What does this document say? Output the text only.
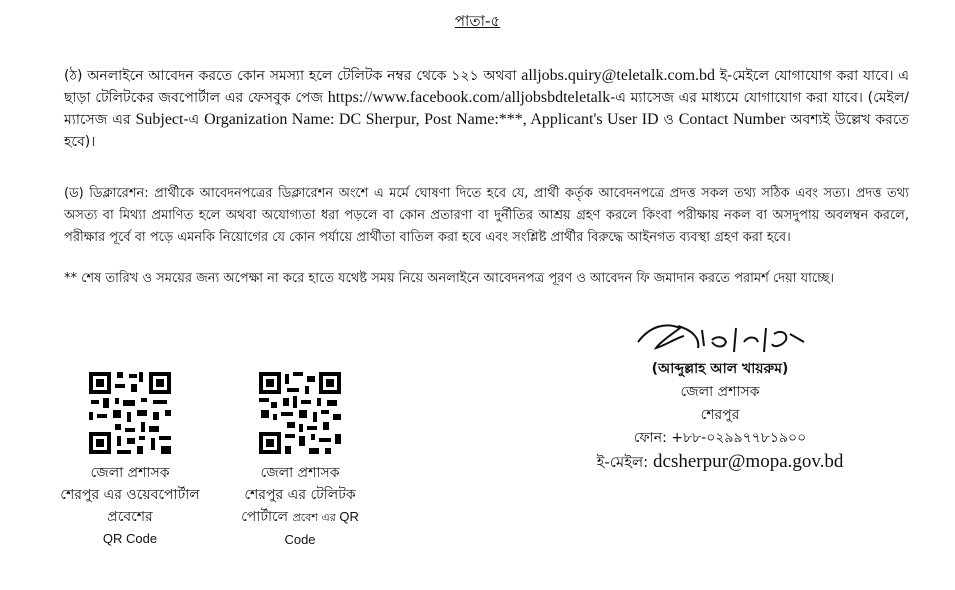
পাতা-৫

(ঠ) অনলাইনে আবেদন করতে কোন সমস্যা হলে টেলিটক নম্বর থেকে ১২১ অথবা alljobs.quiry@teletalk.com.bd ই-মেইলে যোগাযোগ করা যাবে। এ ছাড়া টেলিটকের জবপোর্টাল এর ফেসবুক পেজ https://www.facebook.com/alljobsbdteletalk-এ ম্যাসেজ এর মাধ্যমে যোগাযোগ করা যাবে। (মেইল/ম্যাসেজ এর Subject-এ Organization Name: DC Sherpur, Post Name:***, Applicant's User ID ও Contact Number অবশ্যই উল্লেখ করতে হবে)।

(ড) ডিক্লারেশন: প্রার্থীকে আবেদনপত্রের ডিক্লারেশন অংশে এ মর্মে ঘোষণা দিতে হবে যে, প্রার্থী কর্তৃক আবেদনপত্রে প্রদত্ত সকল তথ্য সঠিক এবং সত্য। প্রদত্ত তথ্য অসত্য বা মিথ্যা প্রমাণিত হলে অথবা অযোগ্যতা ধরা পড়লে বা কোন প্রতারণা বা দুর্নীতির আশ্রয় গ্রহণ করলে কিংবা পরীক্ষায় নকল বা অসদুপায় অবলম্বন করলে, পরীক্ষার পূর্বে বা পড়ে এমনকি নিয়োগের যে কোন পর্যায়ে প্রার্থীতা বাতিল করা হবে এবং সংশ্লিষ্ট প্রার্থীর বিরুদ্ধে আইনগত ব্যবস্থা গ্রহণ করা হবে।

** শেষ তারিখ ও সময়ের জন্য অপেক্ষা না করে হাতে যথেষ্ট সময় নিয়ে অনলাইনে আবেদনপত্র পূরণ ও আবেদন ফি জমাদান করতে পরামর্শ দেয়া যাচ্ছে।

(আব্দুল্লাহ আল খায়রুম)
জেলা প্রশাসক
শেরপুর
ফোন: +৮৮-০২৯৯৭৭৮১৯০০
ই-মেইল: dcsherpur@mopa.gov.bd
জেলা প্রশাসক
শেরপুর এর ওয়েবপোর্টাল
প্রবেশের
QR Code
জেলা প্রশাসক
শেরপুর এর টেলিটক
পোর্টালে প্রবেশ এর QR
Code
